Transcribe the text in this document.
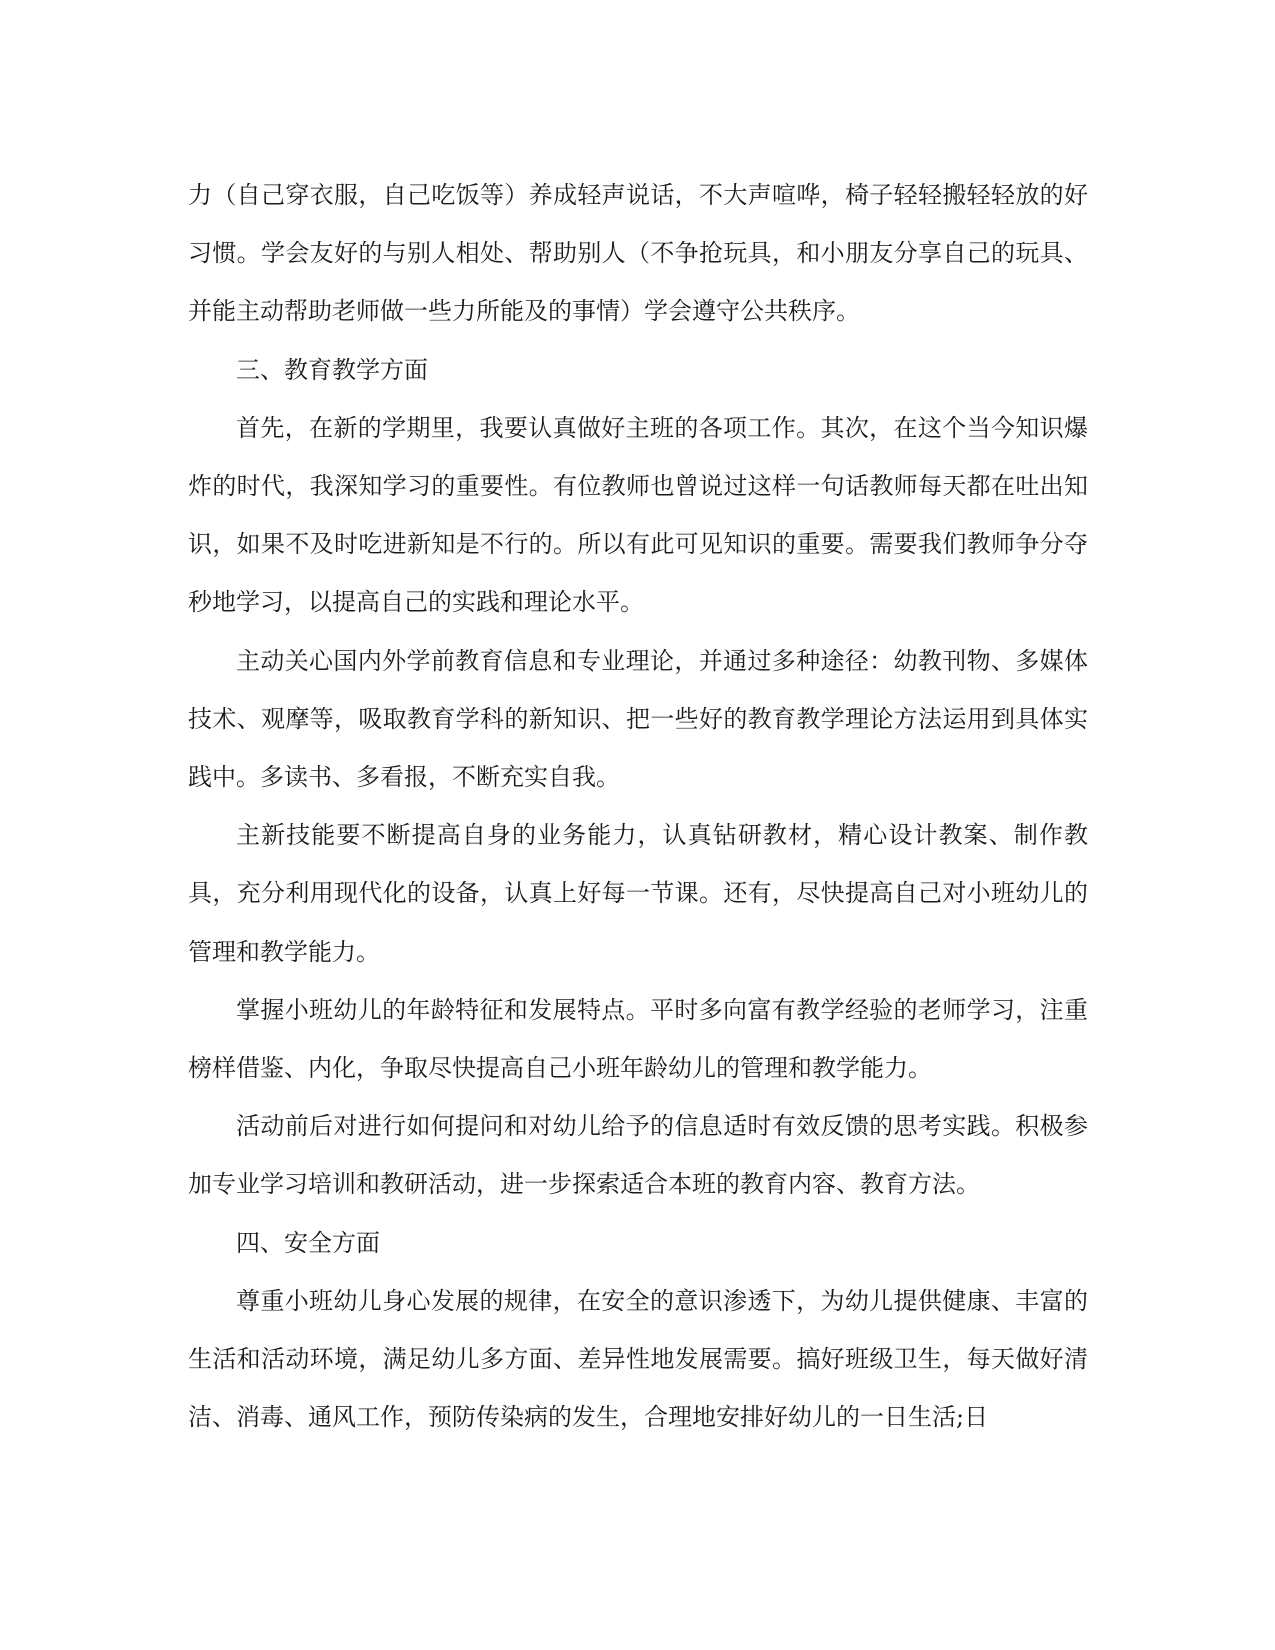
力（自己穿衣服，自己吃饭等）养成轻声说话，不大声喧哗，椅子轻轻搬轻轻放的好习惯。学会友好的与别人相处、帮助别人（不争抢玩具，和小朋友分享自己的玩具、并能主动帮助老师做一些力所能及的事情）学会遵守公共秩序。

三、教育教学方面

首先，在新的学期里，我要认真做好主班的各项工作。其次，在这个当今知识爆炸的时代，我深知学习的重要性。有位教师也曾说过这样一句话教师每天都在吐出知识，如果不及时吃进新知是不行的。所以有此可见知识的重要。需要我们教师争分夺秒地学习，以提高自己的实践和理论水平。

主动关心国内外学前教育信息和专业理论，并通过多种途径：幼教刊物、多媒体技术、观摩等，吸取教育学科的新知识、把一些好的教育教学理论方法运用到具体实践中。多读书、多看报，不断充实自我。

主新技能要不断提高自身的业务能力，认真钻研教材，精心设计教案、制作教具，充分利用现代化的设备，认真上好每一节课。还有，尽快提高自己对小班幼儿的管理和教学能力。

掌握小班幼儿的年龄特征和发展特点。平时多向富有教学经验的老师学习，注重榜样借鉴、内化，争取尽快提高自己小班年龄幼儿的管理和教学能力。

活动前后对进行如何提问和对幼儿给予的信息适时有效反馈的思考实践。积极参加专业学习培训和教研活动，进一步探索适合本班的教育内容、教育方法。

四、安全方面

尊重小班幼儿身心发展的规律，在安全的意识渗透下，为幼儿提供健康、丰富的生活和活动环境，满足幼儿多方面、差异性地发展需要。搞好班级卫生，每天做好清洁、消毒、通风工作，预防传染病的发生，合理地安排好幼儿的一日生活;日
